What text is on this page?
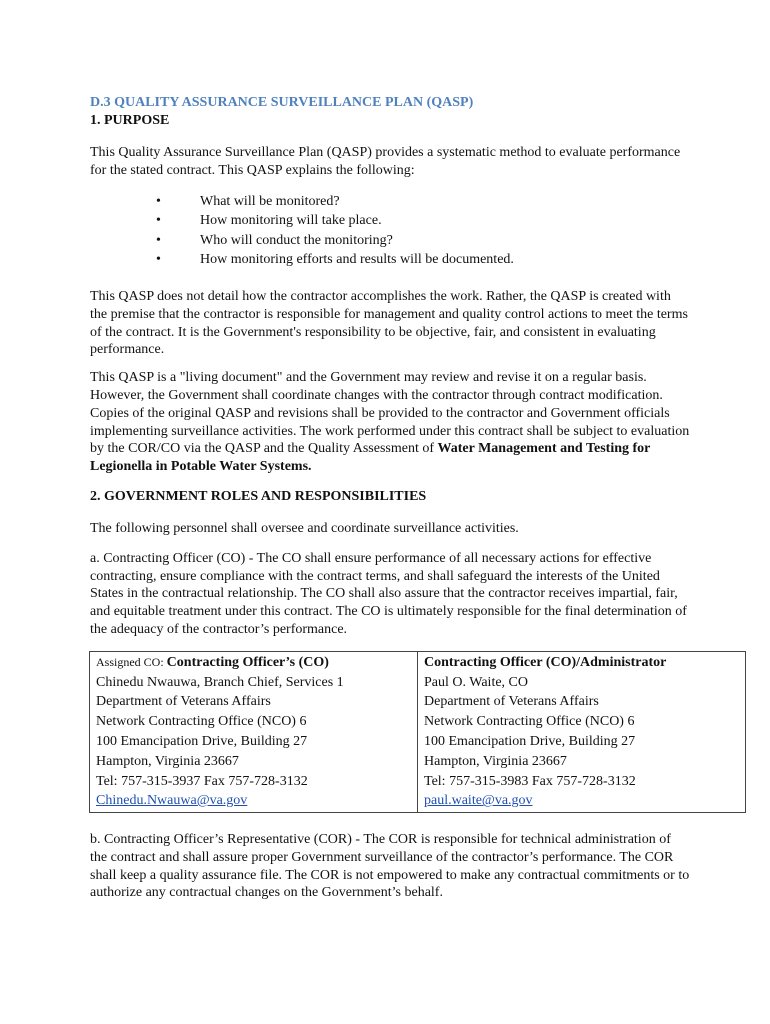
D.3 QUALITY ASSURANCE SURVEILLANCE PLAN (QASP)

1. PURPOSE

This Quality Assurance Surveillance Plan (QASP) provides a systematic method to evaluate performance for the stated contract. This QASP explains the following:

•	What will be monitored?
•	How monitoring will take place.
•	Who will conduct the monitoring?
•	How monitoring efforts and results will be documented.

This QASP does not detail how the contractor accomplishes the work. Rather, the QASP is created with the premise that the contractor is responsible for management and quality control actions to meet the terms of the contract. It is the Government's responsibility to be objective, fair, and consistent in evaluating performance.

This QASP is a "living document" and the Government may review and revise it on a regular basis. However, the Government shall coordinate changes with the contractor through contract modification. Copies of the original QASP and revisions shall be provided to the contractor and Government officials implementing surveillance activities. The work performed under this contract shall be subject to evaluation by the COR/CO via the QASP and the Quality Assessment of Water Management and Testing for Legionella in Potable Water Systems.

2. GOVERNMENT ROLES AND RESPONSIBILITIES

The following personnel shall oversee and coordinate surveillance activities.

a. Contracting Officer (CO) - The CO shall ensure performance of all necessary actions for effective contracting, ensure compliance with the contract terms, and shall safeguard the interests of the United States in the contractual relationship. The CO shall also assure that the contractor receives impartial, fair, and equitable treatment under this contract. The CO is ultimately responsible for the final determination of the adequacy of the contractor’s performance.

Assigned CO: Contracting Officer’s (CO)
Chinedu Nwauwa, Branch Chief, Services 1
Department of Veterans Affairs
Network Contracting Office (NCO) 6
100 Emancipation Drive, Building 27
Hampton, Virginia 23667
Tel: 757-315-3937 Fax 757-728-3132
Chinedu.Nwauwa@va.gov

Contracting Officer (CO)/Administrator
Paul O. Waite, CO
Department of Veterans Affairs
Network Contracting Office (NCO) 6
100 Emancipation Drive, Building 27
Hampton, Virginia 23667
Tel: 757-315-3983 Fax 757-728-3132
paul.waite@va.gov

b. Contracting Officer’s Representative (COR) - The COR is responsible for technical administration of the contract and shall assure proper Government surveillance of the contractor’s performance. The COR shall keep a quality assurance file. The COR is not empowered to make any contractual commitments or to authorize any contractual changes on the Government’s behalf.
